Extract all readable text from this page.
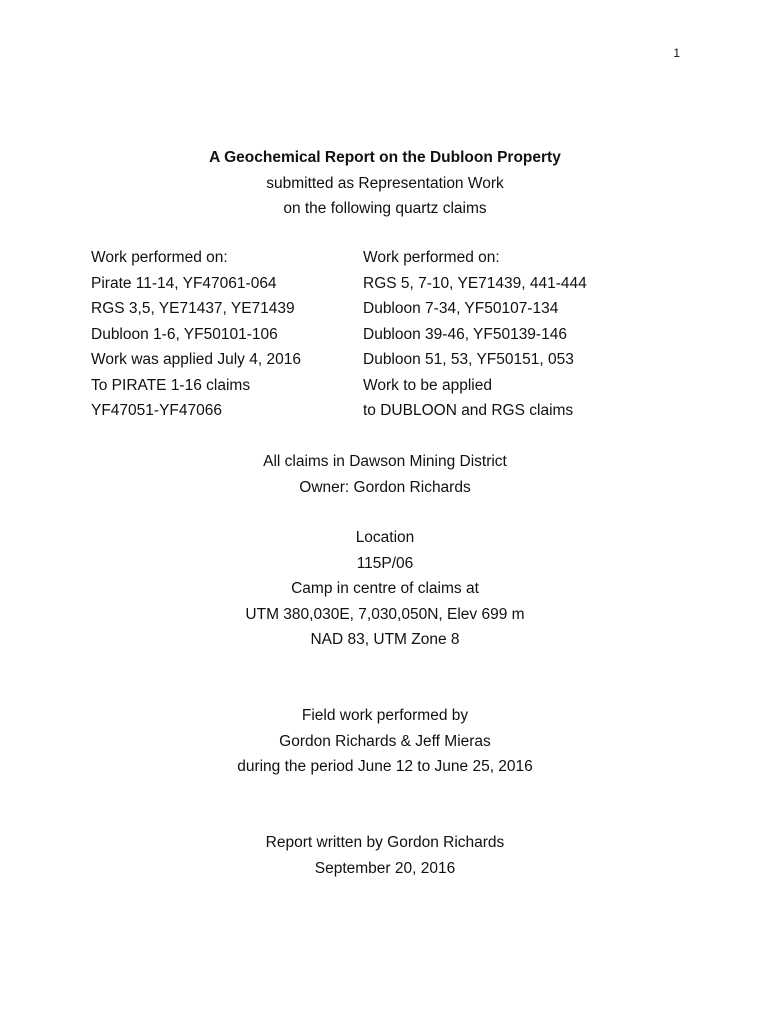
1
A Geochemical Report on the Dubloon Property
submitted as Representation Work
on the following quartz claims
Work performed on:
Pirate 11-14, YF47061-064
RGS 3,5, YE71437, YE71439
Dubloon 1-6, YF50101-106
Work was applied July 4, 2016
To PIRATE 1-16 claims
YF47051-YF47066
Work performed on:
RGS 5, 7-10, YE71439, 441-444
Dubloon 7-34, YF50107-134
Dubloon 39-46, YF50139-146
Dubloon 51, 53, YF50151, 053
Work to be applied
to DUBLOON and RGS claims
All claims in Dawson Mining District
Owner: Gordon Richards
Location
115P/06
Camp in centre of claims at
UTM 380,030E, 7,030,050N, Elev 699 m
NAD 83, UTM Zone 8
Field work performed by
Gordon Richards & Jeff Mieras
during the period June 12 to June 25, 2016
Report written by Gordon Richards
September 20, 2016
